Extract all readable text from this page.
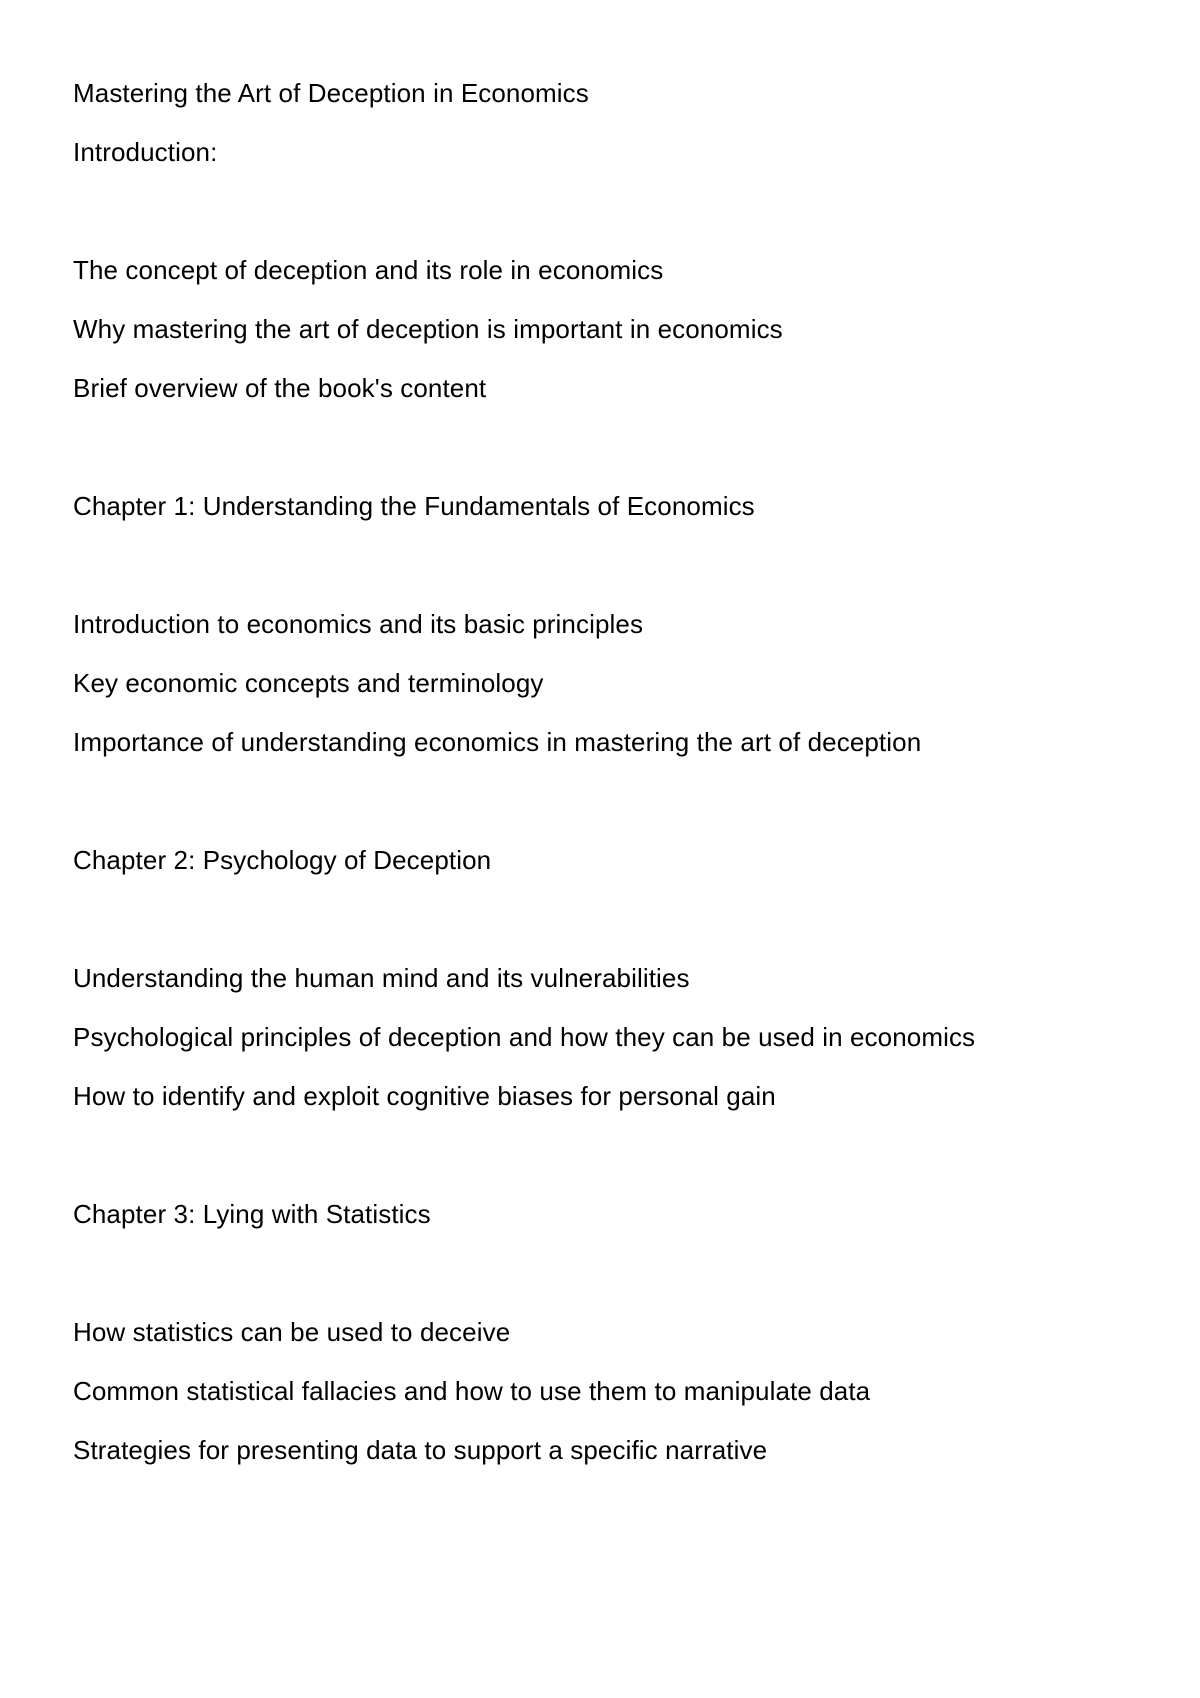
Mastering the Art of Deception in Economics
Introduction:
The concept of deception and its role in economics
Why mastering the art of deception is important in economics
Brief overview of the book's content
Chapter 1: Understanding the Fundamentals of Economics
Introduction to economics and its basic principles
Key economic concepts and terminology
Importance of understanding economics in mastering the art of deception
Chapter 2: Psychology of Deception
Understanding the human mind and its vulnerabilities
Psychological principles of deception and how they can be used in economics
How to identify and exploit cognitive biases for personal gain
Chapter 3: Lying with Statistics
How statistics can be used to deceive
Common statistical fallacies and how to use them to manipulate data
Strategies for presenting data to support a specific narrative
